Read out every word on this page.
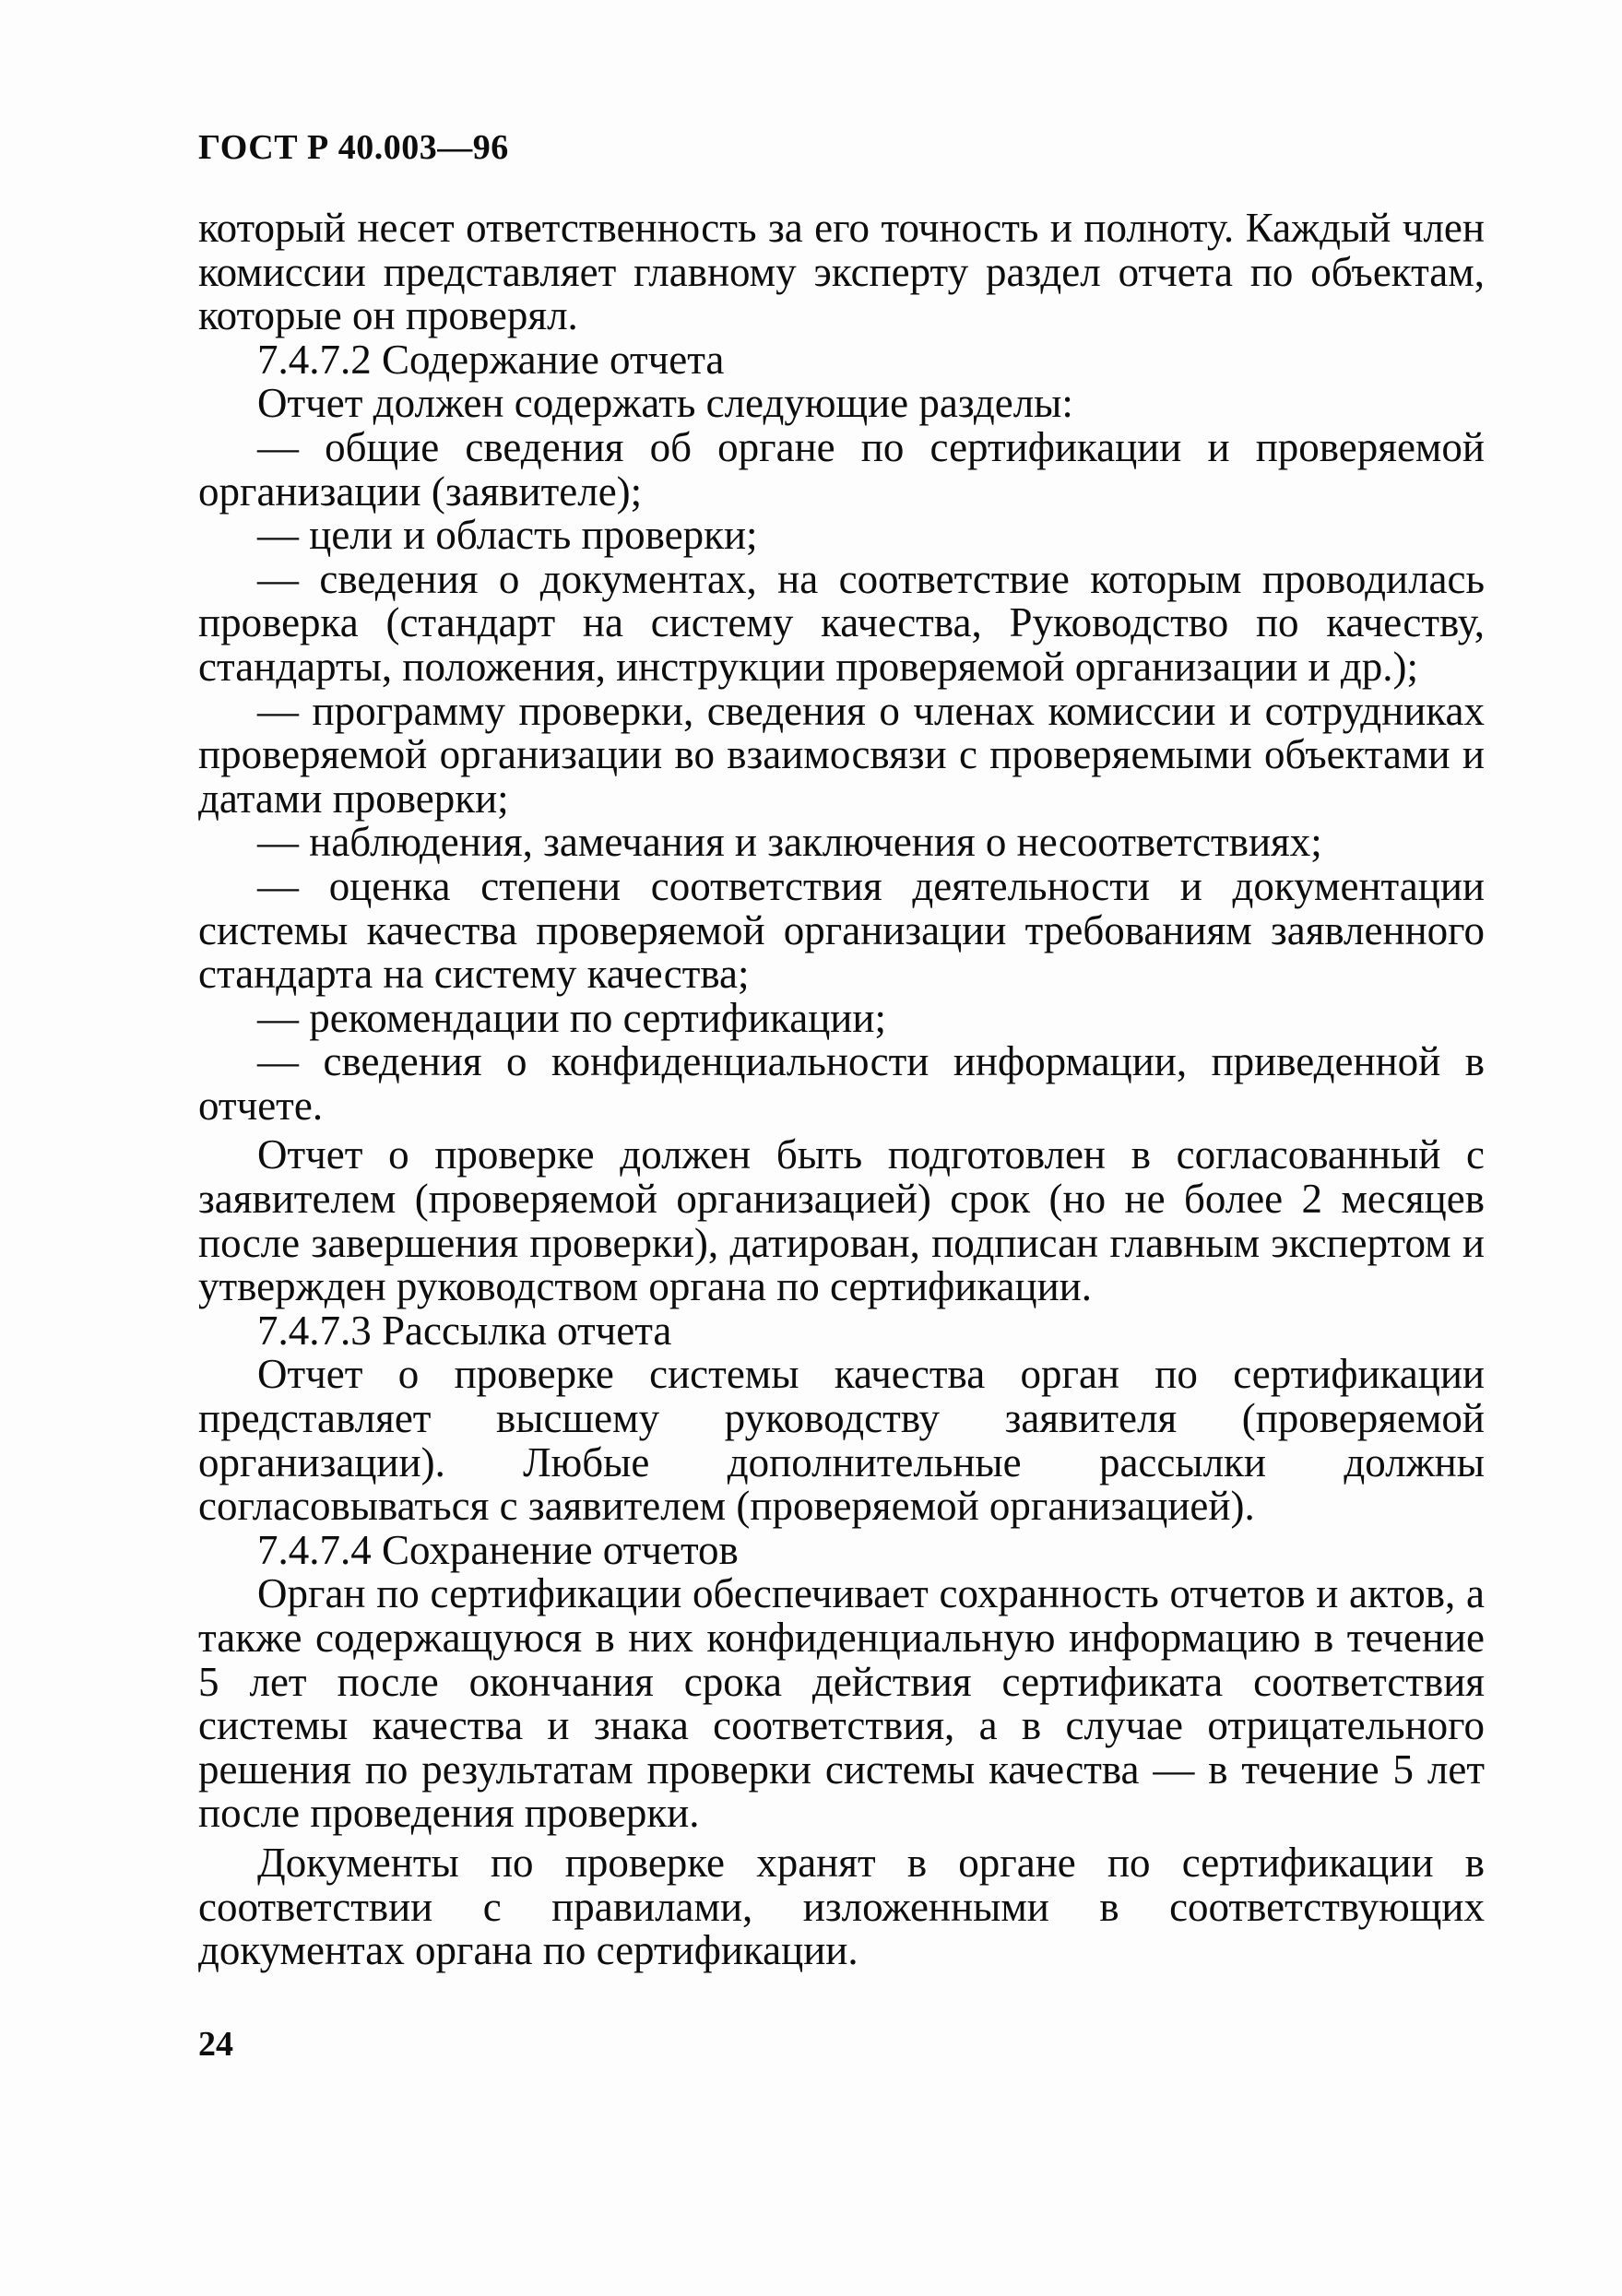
ГОСТ Р 40.003—96

который несет ответственность за его точность и полноту. Каждый член комиссии представляет главному эксперту раздел отчета по объектам, которые он проверял.

7.4.7.2 Содержание отчета

Отчет должен содержать следующие разделы:

— общие сведения об органе по сертификации и проверяемой организации (заявителе);

— цели и область проверки;

— сведения о документах, на соответствие которым проводилась проверка (стандарт на систему качества, Руководство по качеству, стандарты, положения, инструкции проверяемой организации и др.);

— программу проверки, сведения о членах комиссии и сотрудниках проверяемой организации во взаимосвязи с проверяемыми объектами и датами проверки;

— наблюдения, замечания и заключения о несоответствиях;

— оценка степени соответствия деятельности и документации системы качества проверяемой организации требованиям заявленного стандарта на систему качества;

— рекомендации по сертификации;

— сведения о конфиденциальности информации, приведенной в отчете.

Отчет о проверке должен быть подготовлен в согласованный с заявителем (проверяемой организацией) срок (но не более 2 месяцев после завершения проверки), датирован, подписан главным экспертом и утвержден руководством органа по сертификации.

7.4.7.3 Рассылка отчета

Отчет о проверке системы качества орган по сертификации представляет высшему руководству заявителя (проверяемой организации). Любые дополнительные рассылки должны согласовываться с заявителем (проверяемой организацией).

7.4.7.4 Сохранение отчетов

Орган по сертификации обеспечивает сохранность отчетов и актов, а также содержащуюся в них конфиденциальную информацию в течение 5 лет после окончания срока действия сертификата соответствия системы качества и знака соответствия, а в случае отрицательного решения по результатам проверки системы качества — в течение 5 лет после проведения проверки.

Документы по проверке хранят в органе по сертификации в соответствии с правилами, изложенными в соответствующих документах органа по сертификации.

24
